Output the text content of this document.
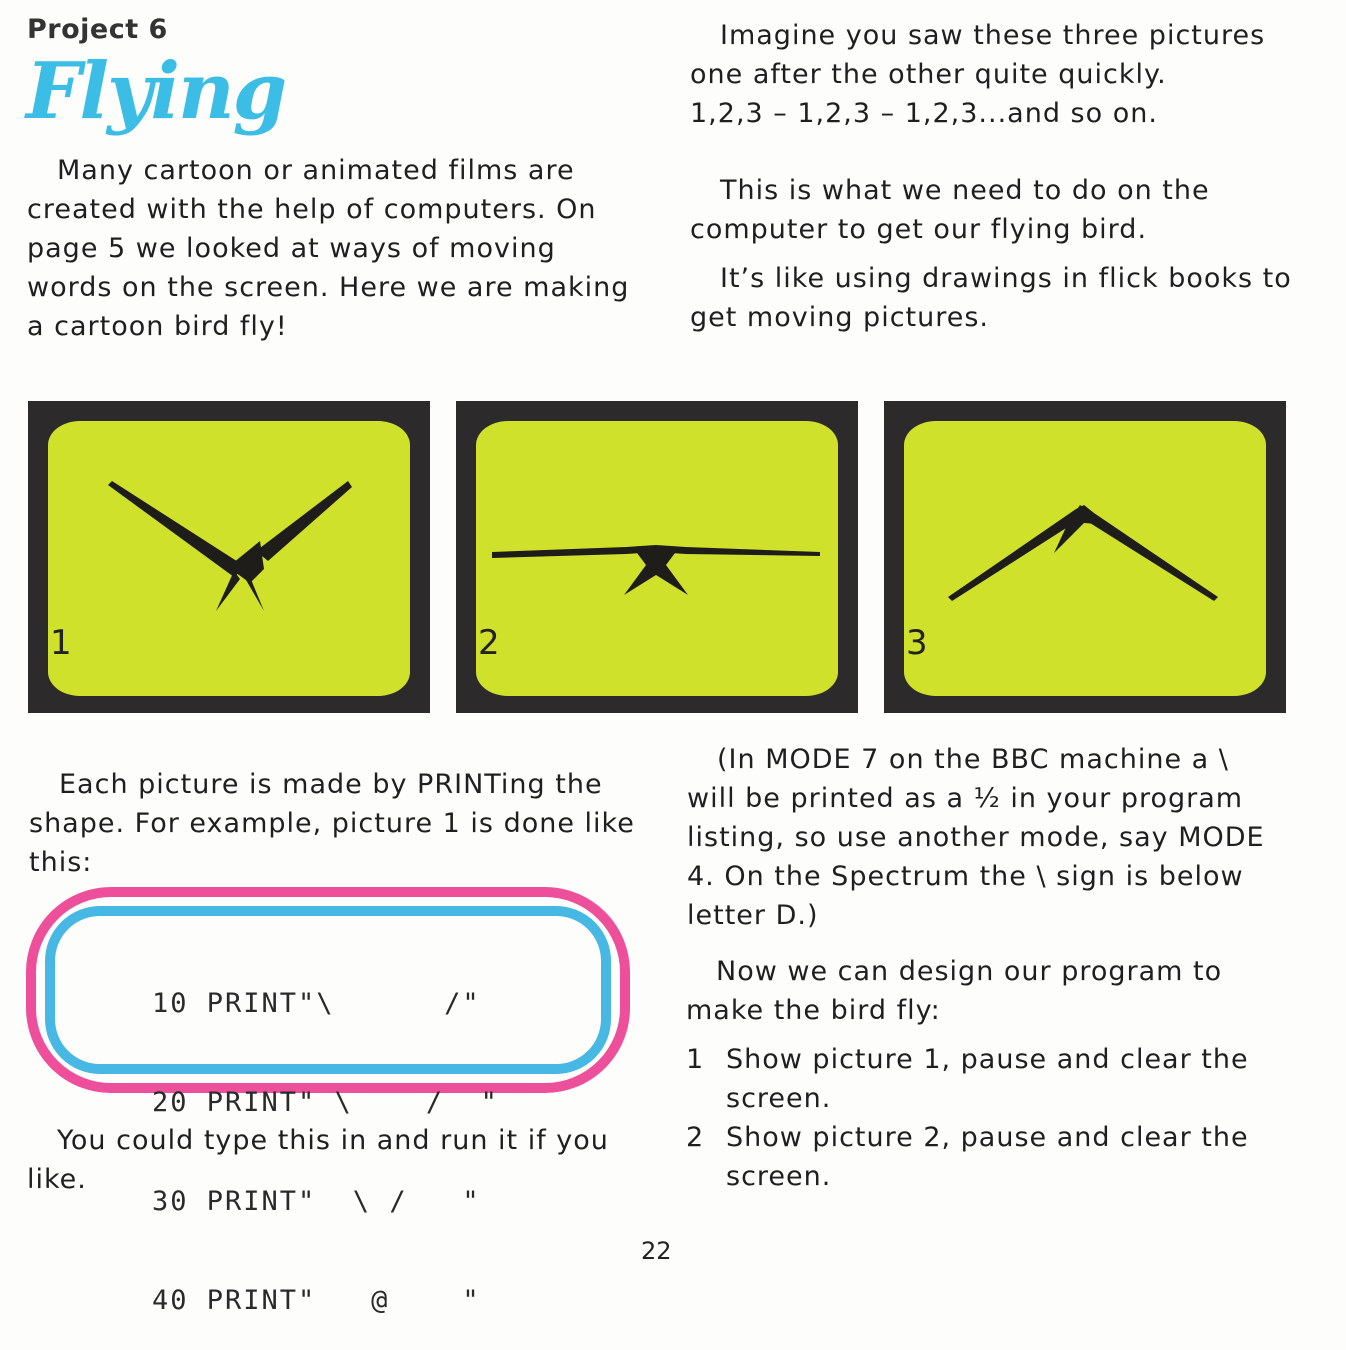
Project 6
Flying
Many cartoon or animated films are
created with the help of computers. On
page 5 we looked at ways of moving
words on the screen. Here we are making
a cartoon bird fly!
Imagine you saw these three pictures
one after the other quite quickly.
1,2,3 – 1,2,3 – 1,2,3...and so on.
This is what we need to do on the
computer to get our flying bird.
It’s like using drawings in flick books to
get moving pictures.
1	2	3
Each picture is made by PRINTing the
shape. For example, picture 1 is done like
this:

10 PRINT"\      /"

20 PRINT" \    /  "

30 PRINT"  \ /   "

40 PRINT"   @    "

You could type this in and run it if you
like.
(In MODE 7 on the BBC machine a \
will be printed as a ½ in your program
listing, so use another mode, say MODE
4. On the Spectrum the \ sign is below
letter D.)
Now we can design our program to
make the bird fly:
1 Show picture 1, pause and clear the
screen.
2 Show picture 2, pause and clear the
screen.
22
